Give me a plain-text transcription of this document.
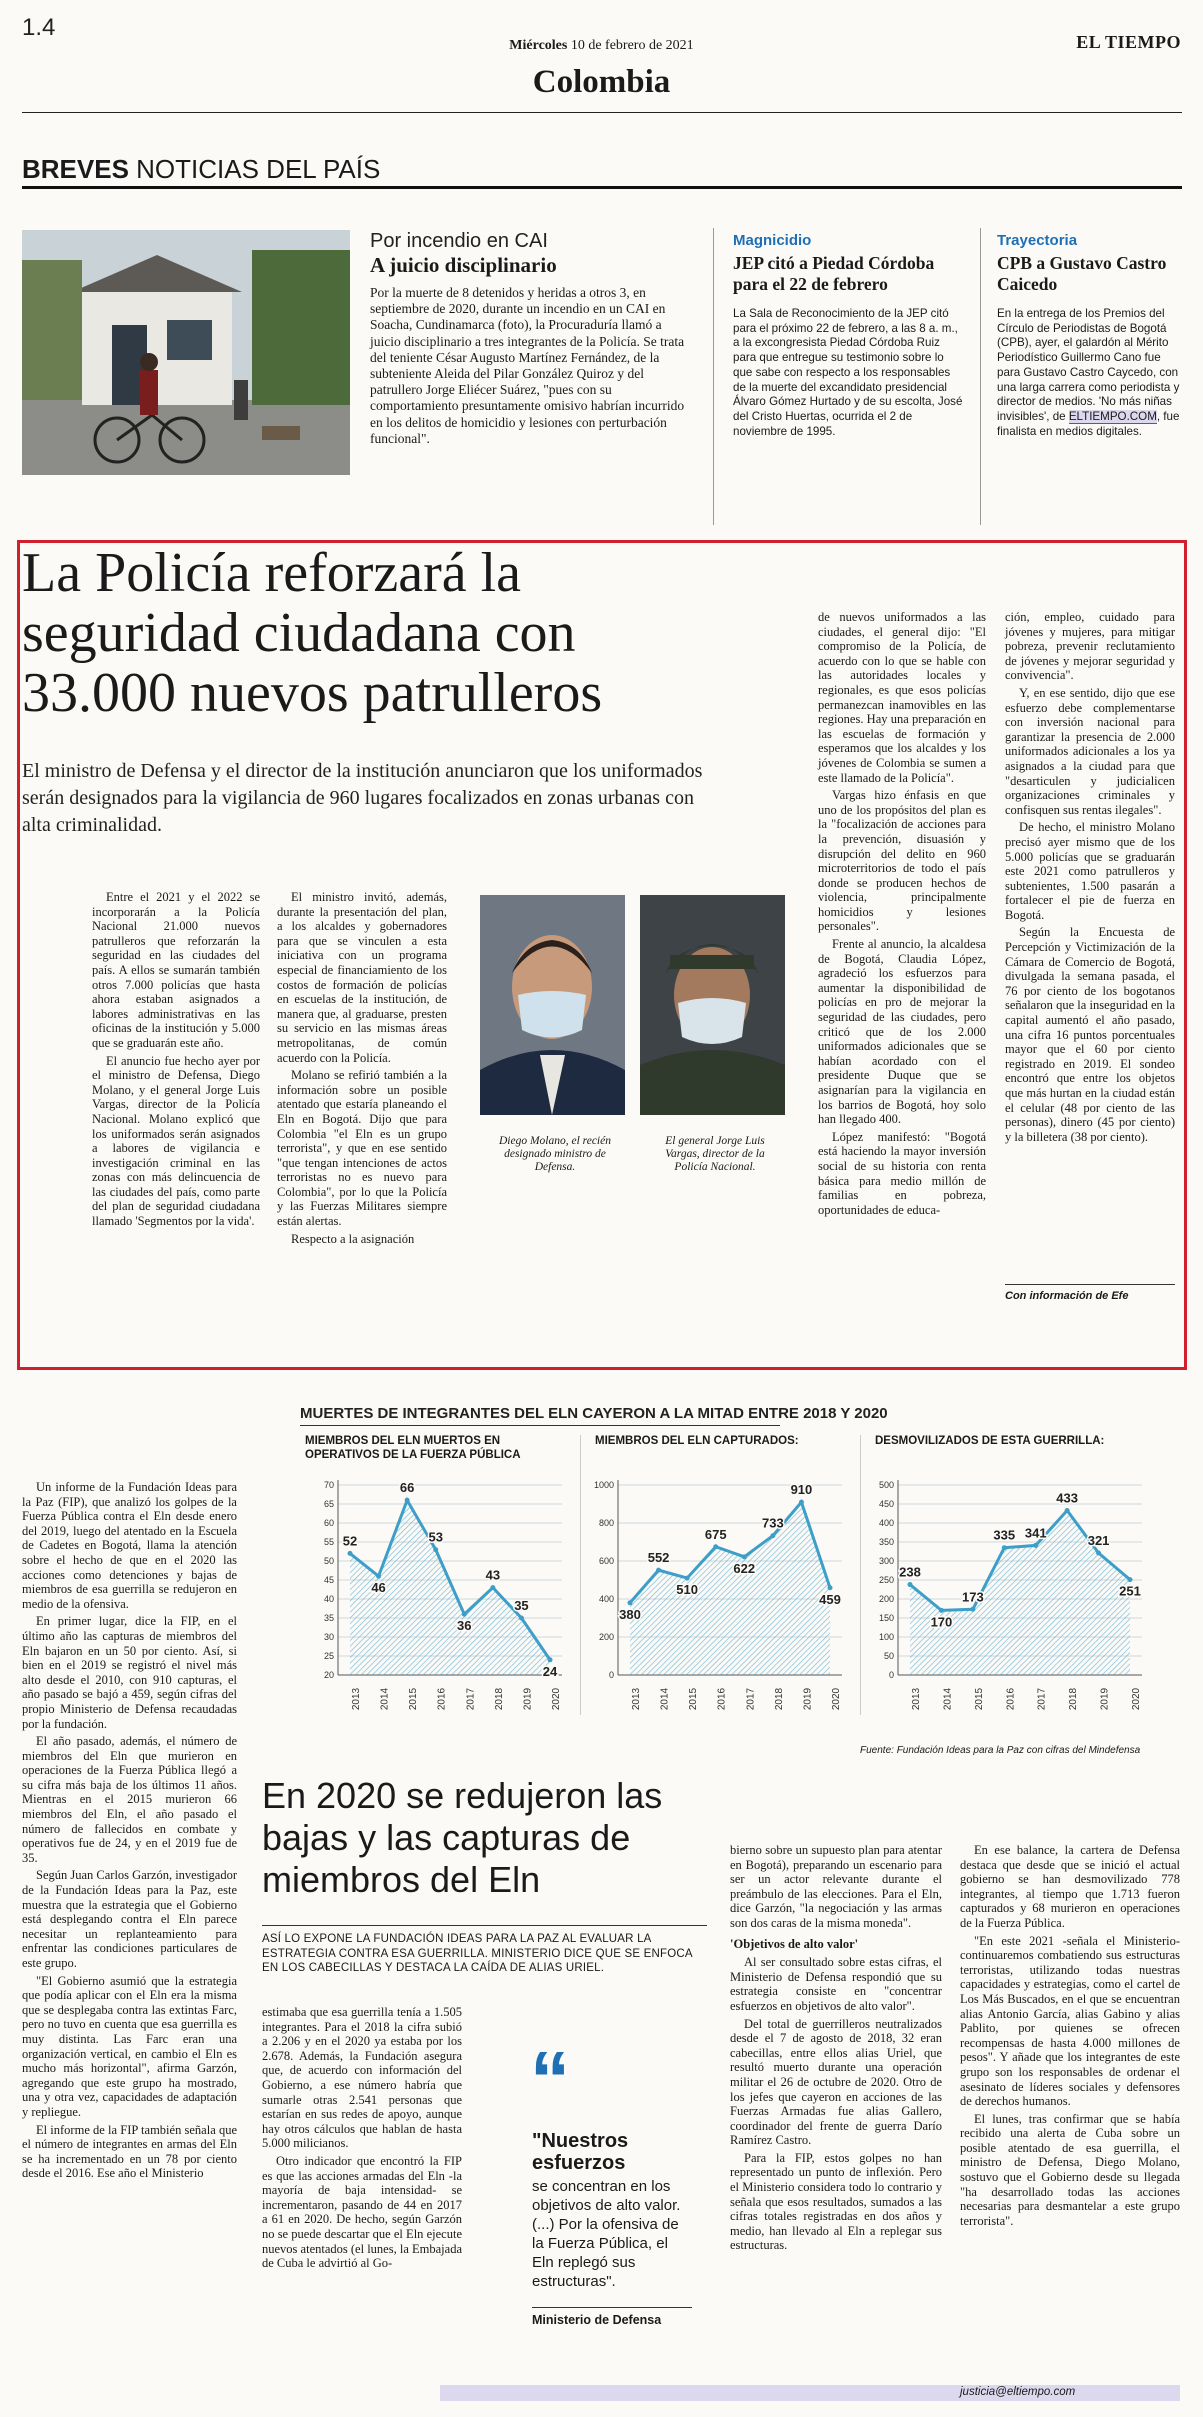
1.4
Miércoles 10 de febrero de 2021	EL TIEMPO
Colombia
BREVES NOTICIAS DEL PAÍS
Por incendio en CAI
A juicio disciplinario
Por la muerte de 8 detenidos y heridas a otros 3, en septiembre de 2020, durante un incendio en un CAI en Soacha, Cundinamarca (foto), la Procuraduría llamó a juicio disciplinario a tres integrantes de la Policía. Se trata del teniente César Augusto Martínez Fernández, de la subteniente Aleida del Pilar González Quiroz y del patrullero Jorge Eliécer Suárez, "pues con su comportamiento presuntamente omisivo habrían incurrido en los delitos de homicidio y lesiones con perturbación funcional".
Magnicidio
JEP citó a Piedad Córdoba para el 22 de febrero
La Sala de Reconocimiento de la JEP citó para el próximo 22 de febrero, a las 8 a. m., a la excongresista Piedad Córdoba Ruiz para que entregue su testimonio sobre lo que sabe con respecto a los responsables de la muerte del excandidato presidencial Álvaro Gómez Hurtado y de su escolta, José del Cristo Huertas, ocurrida el 2 de noviembre de 1995.
Trayectoria
CPB a Gustavo Castro Caicedo
En la entrega de los Premios del Círculo de Periodistas de Bogotá (CPB), ayer, el galardón al Mérito Periodístico Guillermo Cano fue para Gustavo Castro Caycedo, con una larga carrera como periodista y director de medios. 'No más niñas invisibles', de ELTIEMPO.COM, fue finalista en medios digitales.
La Policía reforzará la seguridad ciudadana con 33.000 nuevos patrulleros
El ministro de Defensa y el director de la institución anunciaron que los uniformados serán designados para la vigilancia de 960 lugares focalizados en zonas urbanas con alta criminalidad.

Entre el 2021 y el 2022 se incorporarán a la Policía Nacional 21.000 nuevos patrulleros que reforzarán la seguridad en las ciudades del país. A ellos se sumarán también otros 7.000 policías que hasta ahora estaban asignados a labores administrativas en las oficinas de la institución y 5.000 que se graduarán este año.

El anuncio fue hecho ayer por el ministro de Defensa, Diego Molano, y el general Jorge Luis Vargas, director de la Policía Nacional. Molano explicó que los uniformados serán asignados a labores de vigilancia e investigación criminal en las zonas con más delincuencia de las ciudades del país, como parte del plan de seguridad ciudadana llamado 'Segmentos por la vida'.

El ministro invitó, además, durante la presentación del plan, a los alcaldes y gobernadores para que se vinculen a esta iniciativa con un programa especial de financiamiento de los costos de formación de policías en escuelas de la institución, de manera que, al graduarse, presten su servicio en las mismas áreas metropolitanas, de común acuerdo con la Policía.

Molano se refirió también a la información sobre un posible atentado que estaría planeando el Eln en Bogotá. Dijo que para Colombia "el Eln es un grupo terrorista", y que en ese sentido "que tengan intenciones de actos terroristas no es nuevo para Colombia", por lo que la Policía y las Fuerzas Militares siempre están alertas.

Respecto a la asignación

Diego Molano, el recién designado ministro de Defensa.
El general Jorge Luis Vargas, director de la Policía Nacional.

de nuevos uniformados a las ciudades, el general dijo: "El compromiso de la Policía, de acuerdo con lo que se hable con las autoridades locales y regionales, es que esos policías permanezcan inamovibles en las regiones. Hay una preparación en las escuelas de formación y esperamos que los alcaldes y los jóvenes de Colombia se sumen a este llamado de la Policía".

Vargas hizo énfasis en que uno de los propósitos del plan es la "focalización de acciones para la prevención, disuasión y disrupción del delito en 960 microterritorios de todo el país donde se producen hechos de violencia, principalmente homicidios y lesiones personales".

Frente al anuncio, la alcaldesa de Bogotá, Claudia López, agradeció los esfuerzos para aumentar la disponibilidad de policías en pro de mejorar la seguridad de las ciudades, pero criticó que de los 2.000 uniformados adicionales que se habían acordado con el presidente Duque que se asignarían para la vigilancia en los barrios de Bogotá, hoy solo han llegado 400.

López manifestó: "Bogotá está haciendo la mayor inversión social de su historia con renta básica para medio millón de familias en pobreza, oportunidades de educa-

ción, empleo, cuidado para jóvenes y mujeres, para mitigar pobreza, prevenir reclutamiento de jóvenes y mejorar seguridad y convivencia".

Y, en ese sentido, dijo que ese esfuerzo debe complementarse con inversión nacional para garantizar la presencia de 2.000 uniformados adicionales a los ya asignados a la ciudad para que "desarticulen y judicialicen organizaciones criminales y confisquen sus rentas ilegales".

De hecho, el ministro Molano precisó ayer mismo que de los 5.000 policías que se graduarán este 2021 como patrulleros y subtenientes, 1.500 pasarán a fortalecer el pie de fuerza en Bogotá.

Según la Encuesta de Percepción y Victimización de la Cámara de Comercio de Bogotá, divulgada la semana pasada, el 76 por ciento de los bogotanos señalaron que la inseguridad en la capital aumentó el año pasado, una cifra 16 puntos porcentuales mayor que el 60 por ciento registrado en 2019. El sondeo encontró que entre los objetos que más hurtan en la ciudad están el celular (48 por ciento de las personas), dinero (45 por ciento) y la billetera (38 por ciento).

Con información de Efe
MUERTES DE INTEGRANTES DEL ELN CAYERON A LA MITAD ENTRE 2018 Y 2020
MIEMBROS DEL ELN MUERTOS EN OPERATIVOS DE LA FUERZA PÚBLICA
20
25
30
35
40
45
50
55
60
65
70
52
2013
46
2014
66
2015
53
2016
36
2017
43
2018
35
2019
24
2020
MIEMBROS DEL ELN CAPTURADOS:
0
200
400
600
800
1000
380
2013
552
2014
510
2015
675
2016
622
2017
733
2018
910
2019
459
2020
DESMOVILIZADOS DE ESTA GUERRILLA:
0
50
100
150
200
250
300
350
400
450
500
238
2013
170
2014
173
2015
335
2016
341
2017
433
2018
321
2019
251
2020
Fuente: Fundación Ideas para la Paz con cifras del Mindefensa

Un informe de la Fundación Ideas para la Paz (FIP), que analizó los golpes de la Fuerza Pública contra el Eln desde enero del 2019, luego del atentado en la Escuela de Cadetes en Bogotá, llama la atención sobre el hecho de que en el 2020 las acciones como detenciones y bajas de miembros de esa guerrilla se redujeron en medio de la ofensiva.

En primer lugar, dice la FIP, en el último año las capturas de miembros del Eln bajaron en un 50 por ciento. Así, si bien en el 2019 se registró el nivel más alto desde el 2010, con 910 capturas, el año pasado se bajó a 459, según cifras del propio Ministerio de Defensa recaudadas por la fundación.

El año pasado, además, el número de miembros del Eln que murieron en operaciones de la Fuerza Pública llegó a su cifra más baja de los últimos 11 años. Mientras en el 2015 murieron 66 miembros del Eln, el año pasado el número de fallecidos en combate y operativos fue de 24, y en el 2019 fue de 35.

Según Juan Carlos Garzón, investigador de la Fundación Ideas para la Paz, este muestra que la estrategia que el Gobierno está desplegando contra el Eln parece necesitar un replanteamiento para enfrentar las condiciones particulares de este grupo.

"El Gobierno asumió que la estrategia que podía aplicar con el Eln era la misma que se desplegaba contra las extintas Farc, pero no tuvo en cuenta que esa guerrilla es muy distinta. Las Farc eran una organización vertical, en cambio el Eln es mucho más horizontal", afirma Garzón, agregando que este grupo ha mostrado, una y otra vez, capacidades de adaptación y repliegue.

El informe de la FIP también señala que el número de integrantes en armas del Eln se ha incrementado en un 78 por ciento desde el 2016. Ese año el Ministerio

En 2020 se redujeron las bajas y las capturas de miembros del Eln
ASÍ LO EXPONE LA FUNDACIÓN IDEAS PARA LA PAZ AL EVALUAR LA ESTRATEGIA CONTRA ESA GUERRILLA. MINISTERIO DICE QUE SE ENFOCA EN LOS CABECILLAS Y DESTACA LA CAÍDA DE ALIAS URIEL.

estimaba que esa guerrilla tenía a 1.505 integrantes. Para el 2018 la cifra subió a 2.206 y en el 2020 ya estaba por los 2.678. Además, la Fundación asegura que, de acuerdo con información del Gobierno, a ese número habría que sumarle otras 2.541 personas que estarían en sus redes de apoyo, aunque hay otros cálculos que hablan de hasta 5.000 milicianos.

Otro indicador que encontró la FIP es que las acciones armadas del Eln -la mayoría de baja intensidad- se incrementaron, pasando de 44 en 2017 a 61 en 2020. De hecho, según Garzón no se puede descartar que el Eln ejecute nuevos atentados (el lunes, la Embajada de Cuba le advirtió al Go-

“
"Nuestros esfuerzos
se concentran en los objetivos de alto valor. (...) Por la ofensiva de la Fuerza Pública, el Eln replegó sus estructuras".
Ministerio de Defensa

bierno sobre un supuesto plan para atentar en Bogotá), preparando un escenario para ser un actor relevante durante el preámbulo de las elecciones. Para el Eln, dice Garzón, "la negociación y las armas son dos caras de la misma moneda".

'Objetivos de alto valor'

Al ser consultado sobre estas cifras, el Ministerio de Defensa respondió que su estrategia consiste en "concentrar esfuerzos en objetivos de alto valor".

Del total de guerrilleros neutralizados desde el 7 de agosto de 2018, 32 eran cabecillas, entre ellos alias Uriel, que resultó muerto durante una operación militar el 26 de octubre de 2020. Otro de los jefes que cayeron en acciones de las Fuerzas Armadas fue alias Gallero, coordinador del frente de guerra Darío Ramírez Castro.

Para la FIP, estos golpes no han representado un punto de inflexión. Pero el Ministerio considera todo lo contrario y señala que esos resultados, sumados a las cifras totales registradas en dos años y medio, han llevado al Eln a replegar sus estructuras.

En ese balance, la cartera de Defensa destaca que desde que se inició el actual gobierno se han desmovilizado 778 integrantes, al tiempo que 1.713 fueron capturados y 68 murieron en operaciones de la Fuerza Pública.

"En este 2021 -señala el Ministerio- continuaremos combatiendo sus estructuras terroristas, utilizando todas nuestras capacidades y estrategias, como el cartel de Los Más Buscados, en el que se encuentran alias Antonio García, alias Gabino y alias Pablito, por quienes se ofrecen recompensas de hasta 4.000 millones de pesos". Y añade que los integrantes de este grupo son los responsables de ordenar el asesinato de líderes sociales y defensores de derechos humanos.

El lunes, tras confirmar que se había recibido una alerta de Cuba sobre un posible atentado de esa guerrilla, el ministro de Defensa, Diego Molano, sostuvo que el Gobierno desde su llegada "ha desarrollado todas las acciones necesarias para desmantelar a este grupo terrorista".

justicia@eltiempo.com
